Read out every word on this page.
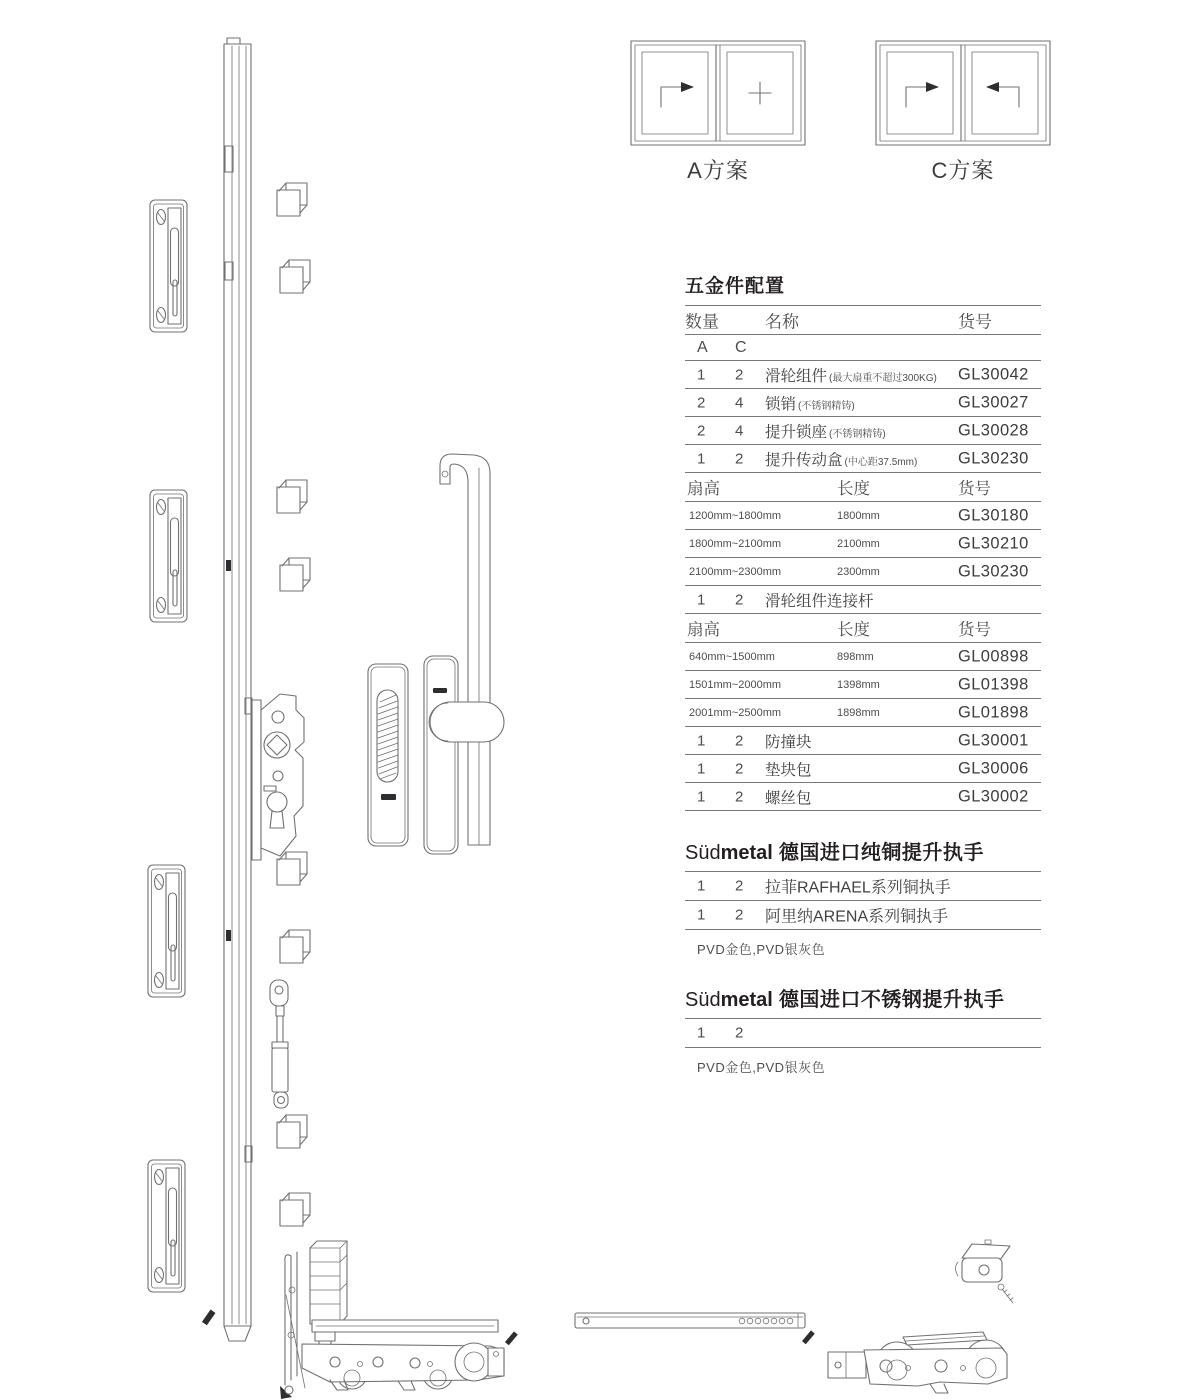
A方案	C方案
五金件配置
数量	名称	货号
A C
1 2 滑轮组件 (最大扇重不超过300KG) GL30042
2 4 锁销 (不锈钢精铸)	GL30027
2 4 提升锁座 (不锈钢精铸)	GL30028
1 2 提升传动盒 (中心距37.5mm) GL30230
扇高	长度	货号
1200mm~1800mm	1800mm	GL30180
1800mm~2100mm	2100mm	GL30210
2100mm~2300mm	2300mm	GL30230
1 2 滑轮组件连接杆
扇高	长度	货号
640mm~1500mm	898mm	GL00898
1501mm~2000mm	1398mm	GL01398
2001mm~2500mm	1898mm	GL01898
1 2 防撞块	GL30001
1 2 垫块包	GL30006
1 2 螺丝包	GL30002
Südmetal 德国进口纯铜提升执手
1 2 拉菲RAFHAEL系列铜执手
1 2 阿里纳ARENA系列铜执手
PVD金色,PVD银灰色
Südmetal 德国进口不锈钢提升执手
1 2
PVD金色,PVD银灰色
